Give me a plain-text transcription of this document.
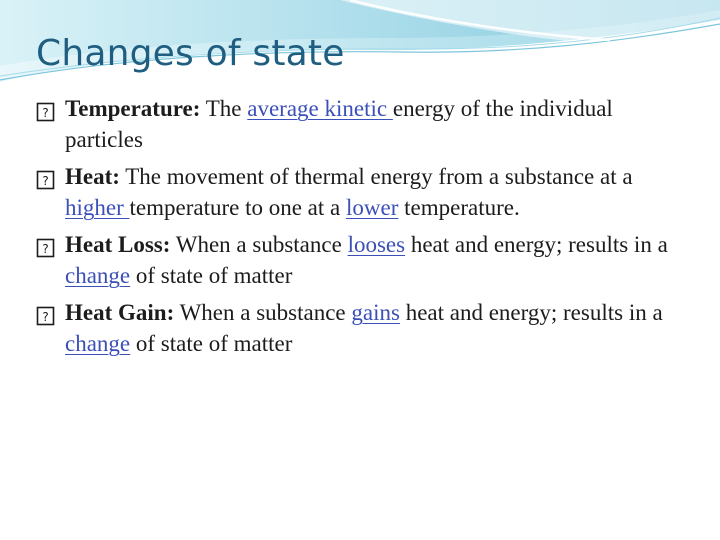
Changes of state
? Temperature: The average kinetic energy of the individual particles
? Heat: The movement of thermal energy from a substance at a higher temperature to one at a lower temperature.
? Heat Loss: When a substance looses heat and energy; results in a change of state of matter
? Heat Gain: When a substance gains heat and energy; results in a change of state of matter
